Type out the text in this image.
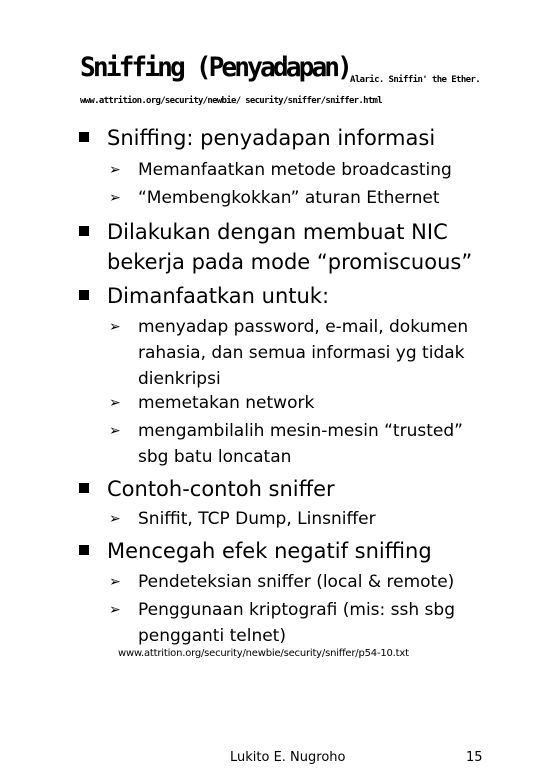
Sniffing (Penyadapan) Alaric. Sniffin' the Ether.
www.attrition.org/security/newbie/ security/sniffer/sniffer.html
Sniffing: penyadapan informasi
➢ Memanfaatkan metode broadcasting
➢ “Membengkokkan” aturan Ethernet
Dilakukan dengan membuat NIC bekerja pada mode “promiscuous”
Dimanfaatkan untuk:
➢ menyadap password, e-mail, dokumen rahasia, dan semua informasi yg tidak dienkripsi
➢ memetakan network
➢ mengambilalih mesin-mesin “trusted” sbg batu loncatan
Contoh-contoh sniffer
➢ Sniffit, TCP Dump, Linsniffer
Mencegah efek negatif sniffing
➢ Pendeteksian sniffer (local & remote)
➢ Penggunaan kriptografi (mis: ssh sbg pengganti telnet)
www.attrition.org/security/newbie/security/sniffer/p54-10.txt
Lukito E. Nugroho	15
